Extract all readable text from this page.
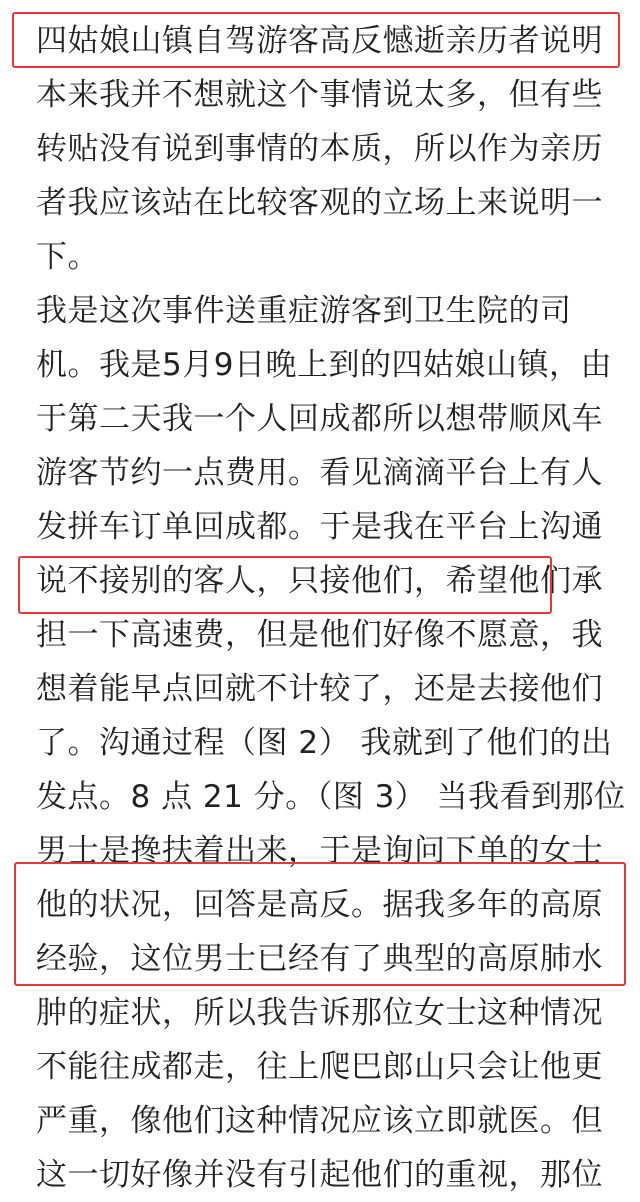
四姑娘山镇自驾游客高反憾逝亲历者说明
本来我并不想就这个事情说太多，但有些
转贴没有说到事情的本质，所以作为亲历
者我应该站在比较客观的立场上来说明一
下。
我是这次事件送重症游客到卫生院的司
机。我是5月9日晚上到的四姑娘山镇，由
于第二天我一个人回成都所以想带顺风车
游客节约一点费用。看见滴滴平台上有人
发拼车订单回成都。于是我在平台上沟通
说不接别的客人，只接他们，希望他们承
担一下高速费，但是他们好像不愿意，我
想着能早点回就不计较了，还是去接他们
了。沟通过程（图 2） 我就到了他们的出
发点。8 点 21 分。（图 3） 当我看到那位
男士是搀扶着出来，于是询问下单的女士
他的状况，回答是高反。据我多年的高原
经验，这位男士已经有了典型的高原肺水
肿的症状，所以我告诉那位女士这种情况
不能往成都走，往上爬巴郎山只会让他更
严重，像他们这种情况应该立即就医。但
这一切好像并没有引起他们的重视，那位
